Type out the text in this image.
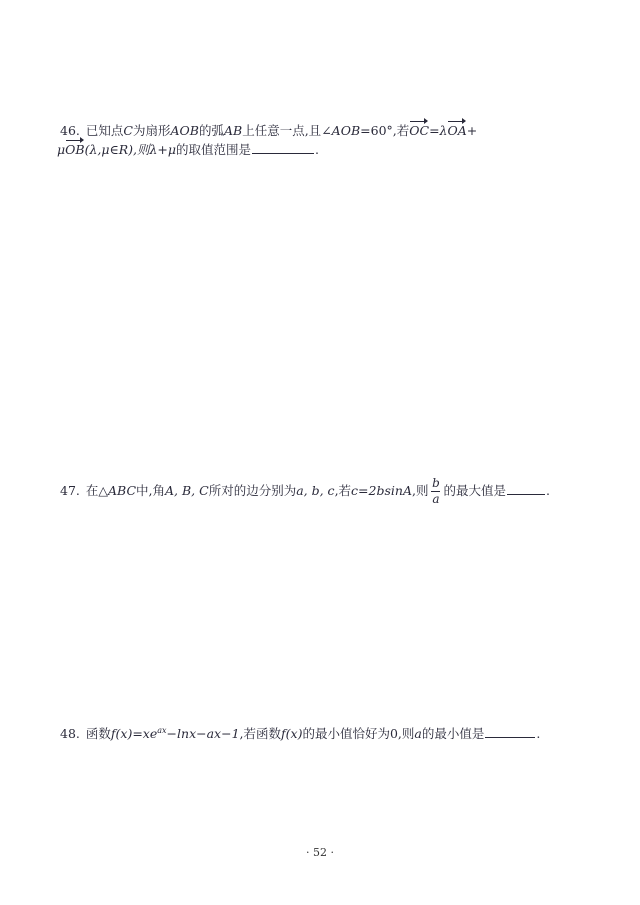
46. 已知点C为扇形AOB的弧AB上任意一点,且∠AOB=60°,若OC=λOA+
μOB(λ,μ∈R),则λ+μ的取值范围是	.
47. 在△ABC中,角A, B, C所对的边分别为a, b, c,若c=2bsinA,则 $\frac{b}{a}$ 的最大值是	.
48. 函数$f(x)=xe^{ax}-\ln x-ax-1$,若函数f(x)的最小值恰好为0,则a的最小值是	.
· 52 ·
